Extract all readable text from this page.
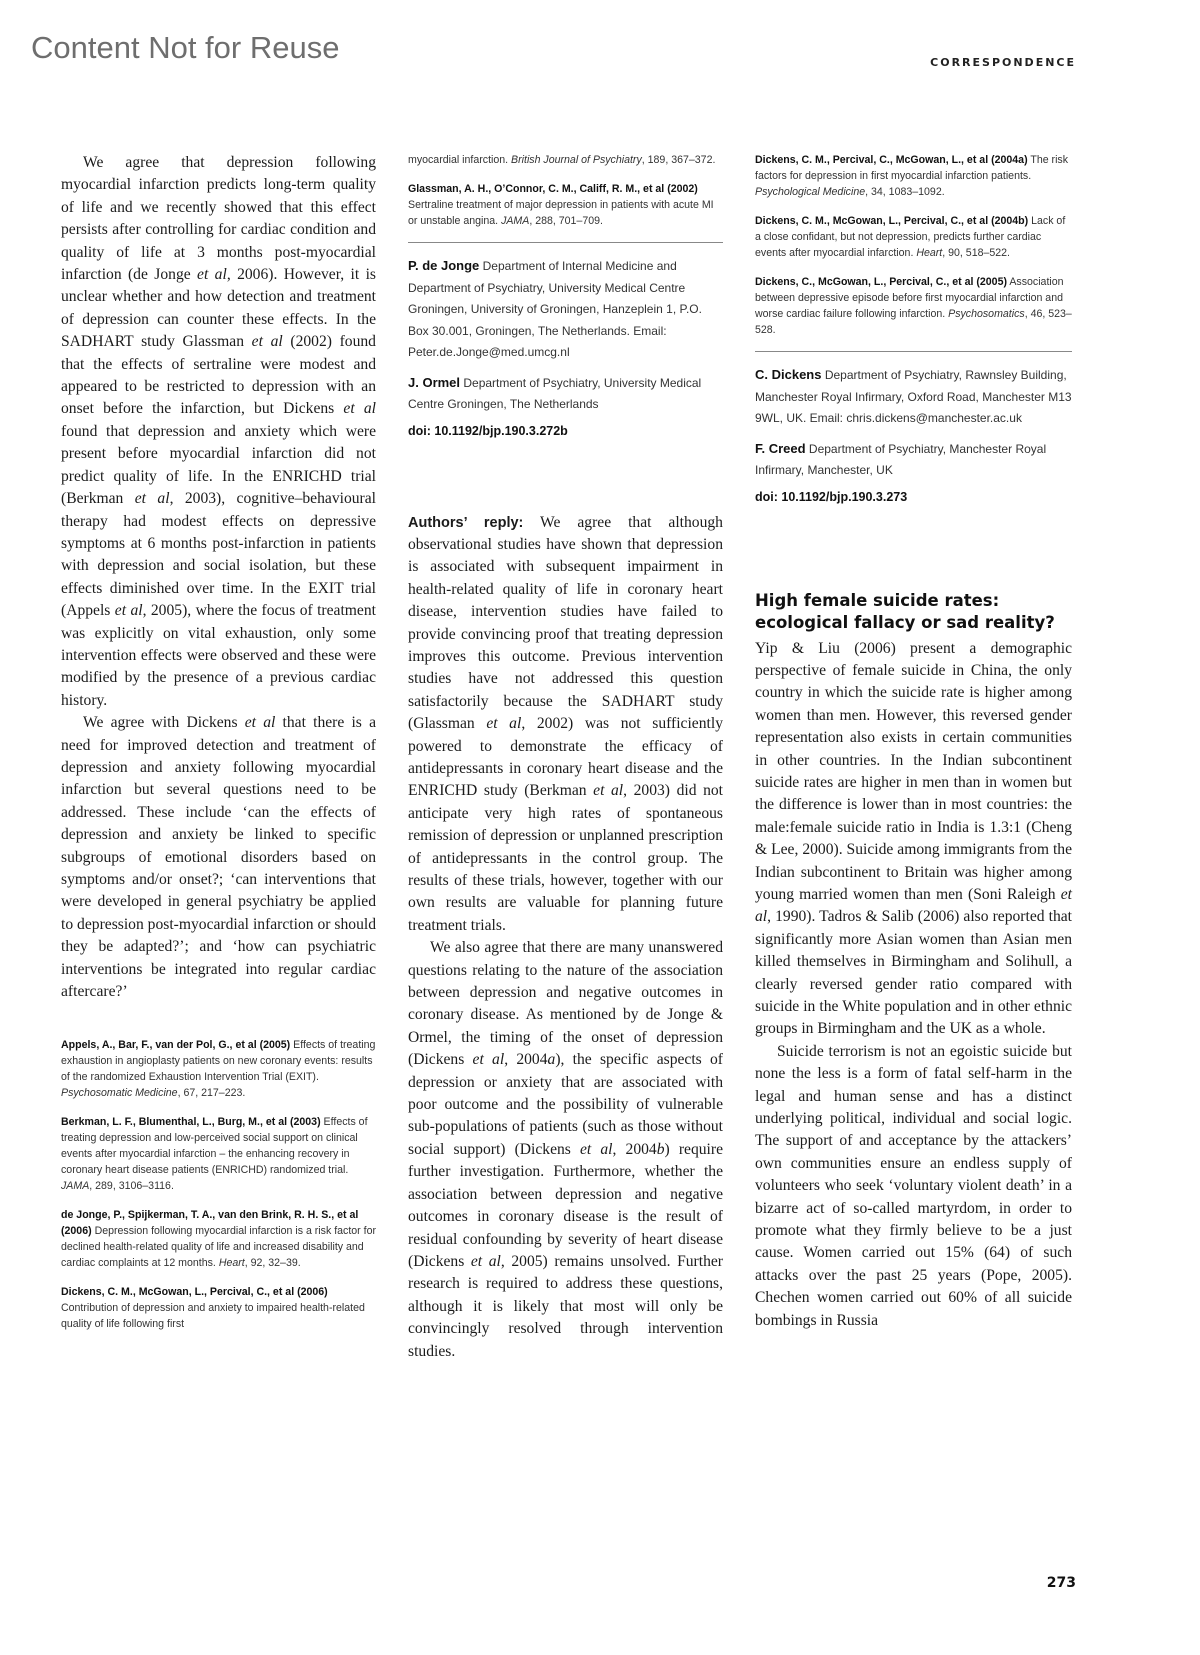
Content Not for Reuse	CORRESPONDENCE

We agree that depression following myocardial infarction predicts long-term quality of life and we recently showed that this effect persists after controlling for cardiac condition and quality of life at 3 months post-myocardial infarction (de Jonge et al, 2006). However, it is unclear whether and how detection and treatment of depression can counter these effects. In the SADHART study Glassman et al (2002) found that the effects of sertraline were modest and appeared to be restricted to depression with an onset before the infarction, but Dickens et al found that depression and anxiety which were present before myocardial infarction did not predict quality of life. In the ENRICHD trial (Berkman et al, 2003), cognitive–behavioural therapy had modest effects on depressive symptoms at 6 months post-infarction in patients with depression and social isolation, but these effects diminished over time. In the EXIT trial (Appels et al, 2005), where the focus of treatment was explicitly on vital exhaustion, only some intervention effects were observed and these were modified by the presence of a previous cardiac history.

We agree with Dickens et al that there is a need for improved detection and treatment of depression and anxiety following myocardial infarction but several questions need to be addressed. These include ‘can the effects of depression and anxiety be linked to specific subgroups of emotional disorders based on symptoms and/or onset?; ‘can interventions that were developed in general psychiatry be applied to depression post-myocardial infarction or should they be adapted?’; and ‘how can psychiatric interventions be integrated into regular cardiac aftercare?’

Appels, A., Bar, F., van der Pol, G., et al (2005) Effects of treating exhaustion in angioplasty patients on new coronary events: results of the randomized Exhaustion Intervention Trial (EXIT). Psychosomatic Medicine, 67, 217–223.

Berkman, L. F., Blumenthal, L., Burg, M., et al (2003) Effects of treating depression and low-perceived social support on clinical events after myocardial infarction – the enhancing recovery in coronary heart disease patients (ENRICHD) randomized trial. JAMA, 289, 3106–3116.

de Jonge, P., Spijkerman, T. A., van den Brink, R. H. S., et al (2006) Depression following myocardial infarction is a risk factor for declined health-related quality of life and increased disability and cardiac complaints at 12 months. Heart, 92, 32–39.

Dickens, C. M., McGowan, L., Percival, C., et al (2006) Contribution of depression and anxiety to impaired health-related quality of life following first

myocardial infarction. British Journal of Psychiatry, 189, 367–372.

Glassman, A. H., O’Connor, C. M., Califf, R. M., et al (2002) Sertraline treatment of major depression in patients with acute MI or unstable angina. JAMA, 288, 701–709.

P. de Jonge Department of Internal Medicine and Department of Psychiatry, University Medical Centre Groningen, University of Groningen, Hanzeplein 1, P.O. Box 30.001, Groningen, The Netherlands. Email: Peter.de.Jonge@med.umcg.nl

J. Ormel Department of Psychiatry, University Medical Centre Groningen, The Netherlands

doi: 10.1192/bjp.190.3.272b

Authors’ reply: We agree that although observational studies have shown that depression is associated with subsequent impairment in health-related quality of life in coronary heart disease, intervention studies have failed to provide convincing proof that treating depression improves this outcome. Previous intervention studies have not addressed this question satisfactorily because the SADHART study (Glassman et al, 2002) was not sufficiently powered to demonstrate the efficacy of antidepressants in coronary heart disease and the ENRICHD study (Berkman et al, 2003) did not anticipate very high rates of spontaneous remission of depression or unplanned prescription of antidepressants in the control group. The results of these trials, however, together with our own results are valuable for planning future treatment trials.

We also agree that there are many unanswered questions relating to the nature of the association between depression and negative outcomes in coronary disease. As mentioned by de Jonge & Ormel, the timing of the onset of depression (Dickens et al, 2004a), the specific aspects of depression or anxiety that are associated with poor outcome and the possibility of vulnerable sub-populations of patients (such as those without social support) (Dickens et al, 2004b) require further investigation. Furthermore, whether the association between depression and negative outcomes in coronary disease is the result of residual confounding by severity of heart disease (Dickens et al, 2005) remains unsolved. Further research is required to address these questions, although it is likely that most will only be convincingly resolved through intervention studies.

Dickens, C. M., Percival, C., McGowan, L., et al (2004a) The risk factors for depression in first myocardial infarction patients. Psychological Medicine, 34, 1083–1092.

Dickens, C. M., McGowan, L., Percival, C., et al (2004b) Lack of a close confidant, but not depression, predicts further cardiac events after myocardial infarction. Heart, 90, 518–522.

Dickens, C., McGowan, L., Percival, C., et al (2005) Association between depressive episode before first myocardial infarction and worse cardiac failure following infarction. Psychosomatics, 46, 523–528.

C. Dickens Department of Psychiatry, Rawnsley Building, Manchester Royal Infirmary, Oxford Road, Manchester M13 9WL, UK. Email: chris.dickens@manchester.ac.uk

F. Creed Department of Psychiatry, Manchester Royal Infirmary, Manchester, UK

doi: 10.1192/bjp.190.3.273

High female suicide rates:
ecological fallacy or sad reality?

Yip & Liu (2006) present a demographic perspective of female suicide in China, the only country in which the suicide rate is higher among women than men. However, this reversed gender representation also exists in certain communities in other countries. In the Indian subcontinent suicide rates are higher in men than in women but the difference is lower than in most countries: the male:female suicide ratio in India is 1.3:1 (Cheng & Lee, 2000). Suicide among immigrants from the Indian subcontinent to Britain was higher among young married women than men (Soni Raleigh et al, 1990). Tadros & Salib (2006) also reported that significantly more Asian women than Asian men killed themselves in Birmingham and Solihull, a clearly reversed gender ratio compared with suicide in the White population and in other ethnic groups in Birmingham and the UK as a whole.

Suicide terrorism is not an egoistic suicide but none the less is a form of fatal self-harm in the legal and human sense and has a distinct underlying political, individual and social logic. The support of and acceptance by the attackers’ own communities ensure an endless supply of volunteers who seek ‘voluntary violent death’ in a bizarre act of so-called martyrdom, in order to promote what they firmly believe to be a just cause. Women carried out 15% (64) of such attacks over the past 25 years (Pope, 2005). Chechen women carried out 60% of all suicide bombings in Russia

273
